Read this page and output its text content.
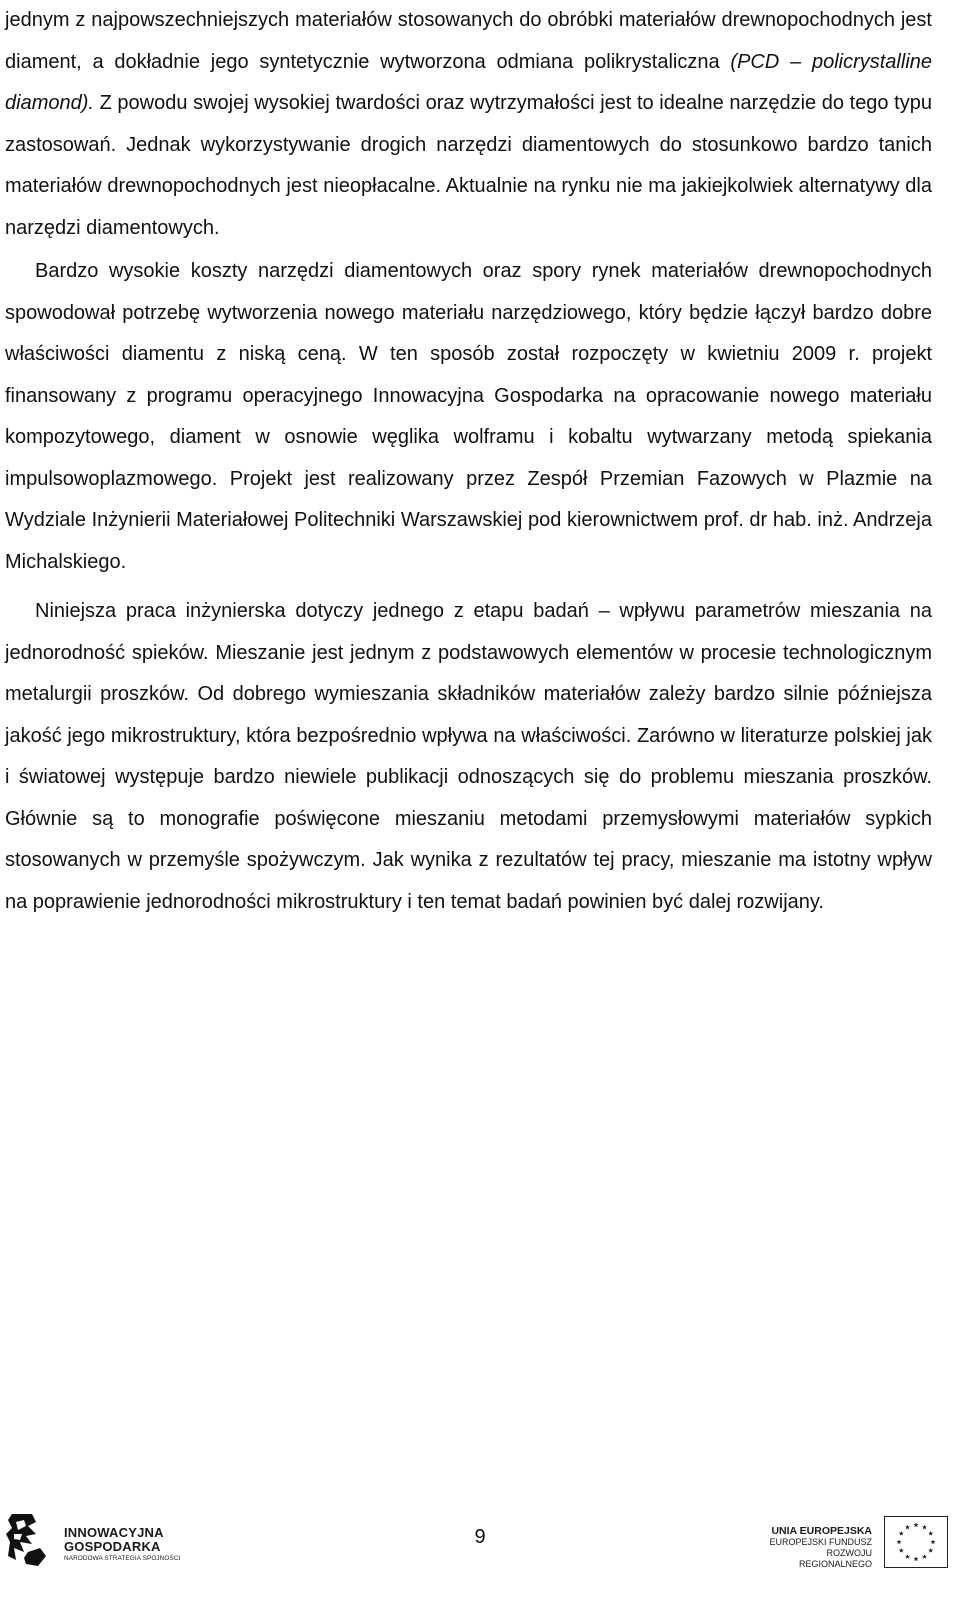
jednym z najpowszechniejszych materiałów stosowanych do obróbki materiałów drewnopochodnych jest diament, a dokładnie jego syntetycznie wytworzona odmiana polikrystaliczna (PCD – policrystalline diamond). Z powodu swojej wysokiej twardości oraz wytrzymałości jest to idealne narzędzie do tego typu zastosowań. Jednak wykorzystywanie drogich narzędzi diamentowych do stosunkowo bardzo tanich materiałów drewnopochodnych jest nieopłacalne. Aktualnie na rynku nie ma jakiejkolwiek alternatywy dla narzędzi diamentowych.

Bardzo wysokie koszty narzędzi diamentowych oraz spory rynek materiałów drewnopochodnych spowodował potrzebę wytworzenia nowego materiału narzędziowego, który będzie łączył bardzo dobre właściwości diamentu z niską ceną. W ten sposób został rozpoczęty w kwietniu 2009 r. projekt finansowany z programu operacyjnego Innowacyjna Gospodarka na opracowanie nowego materiału kompozytowego, diament w osnowie węglika wolframu i kobaltu wytwarzany metodą spiekania impulsowoplazmowego. Projekt jest realizowany przez Zespół Przemian Fazowych w Plazmie na Wydziale Inżynierii Materiałowej Politechniki Warszawskiej pod kierownictwem prof. dr hab. inż. Andrzeja Michalskiego.

Niniejsza praca inżynierska dotyczy jednego z etapu badań – wpływu parametrów mieszania na jednorodność spieków. Mieszanie jest jednym z podstawowych elementów w procesie technologicznym metalurgii proszków. Od dobrego wymieszania składników materiałów zależy bardzo silnie późniejsza jakość jego mikrostruktury, która bezpośrednio wpływa na właściwości. Zarówno w literaturze polskiej jak i światowej występuje bardzo niewiele publikacji odnoszących się do problemu mieszania proszków. Głównie są to monografie poświęcone mieszaniu metodami przemysłowymi materiałów sypkich stosowanych w przemyśle spożywczym. Jak wynika z rezultatów tej pracy, mieszanie ma istotny wpływ na poprawienie jednorodności mikrostruktury i ten temat badań powinien być dalej rozwijany.

INNOWACYJNA
GOSPODARKA
NARODOWA STRATEGIA SPÓJNOŚCI
9	UNIA EUROPEJSKA
EUROPEJSKI FUNDUSZ
ROZWOJU REGIONALNEGO
